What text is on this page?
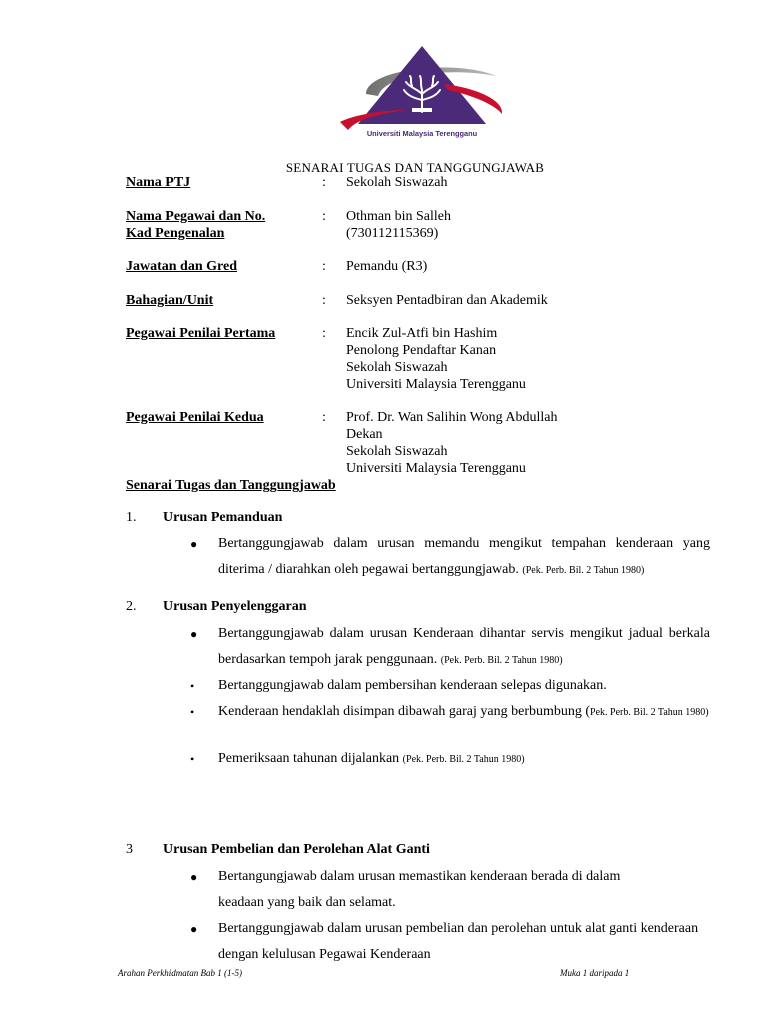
Universiti Malaysia Terengganu
SENARAI TUGAS DAN TANGGUNGJAWAB
Nama PTJ	: Sekolah Siswazah
Nama Pegawai dan No.
Kad Pengenalan
: Othman bin Salleh
(730112115369)
Jawatan dan Gred	: Pemandu (R3)
Bahagian/Unit	: Seksyen Pentadbiran dan Akademik
Pegawai Penilai Pertama	: Encik Zul-Atfi bin Hashim
Penolong Pendaftar Kanan
Sekolah Siswazah
Universiti Malaysia Terengganu
Pegawai Penilai Kedua	: Prof. Dr. Wan Salihin Wong Abdullah
Dekan
Sekolah Siswazah
Universiti Malaysia Terengganu
Senarai Tugas dan Tanggungjawab
1. Urusan Pemanduan
● Bertanggungjawab dalam urusan memandu mengikut tempahan kenderaan yang diterima / diarahkan oleh pegawai bertanggungjawab. (Pek. Perb. Bil. 2 Tahun 1980)
2. Urusan Penyelenggaran
● Bertanggungjawab dalam urusan Kenderaan dihantar servis mengikut jadual berkala berdasarkan tempoh jarak penggunaan. (Pek. Perb. Bil. 2 Tahun 1980)
• Bertanggungjawab dalam pembersihan kenderaan selepas digunakan.
• Kenderaan hendaklah disimpan dibawah garaj yang berbumbung (Pek. Perb. Bil. 2 Tahun 1980)
• Pemeriksaan tahunan dijalankan (Pek. Perb. Bil. 2 Tahun 1980)
3 Urusan Pembelian dan Perolehan Alat Ganti
● Bertangungjawab dalam urusan memastikan kenderaan berada di dalam keadaan yang baik dan selamat.
● Bertanggungjawab dalam urusan pembelian dan perolehan untuk alat ganti kenderaan dengan kelulusan Pegawai Kenderaan
Arahan Perkhidmatan Bab 1 (1-5)	Muka 1 daripada 1
